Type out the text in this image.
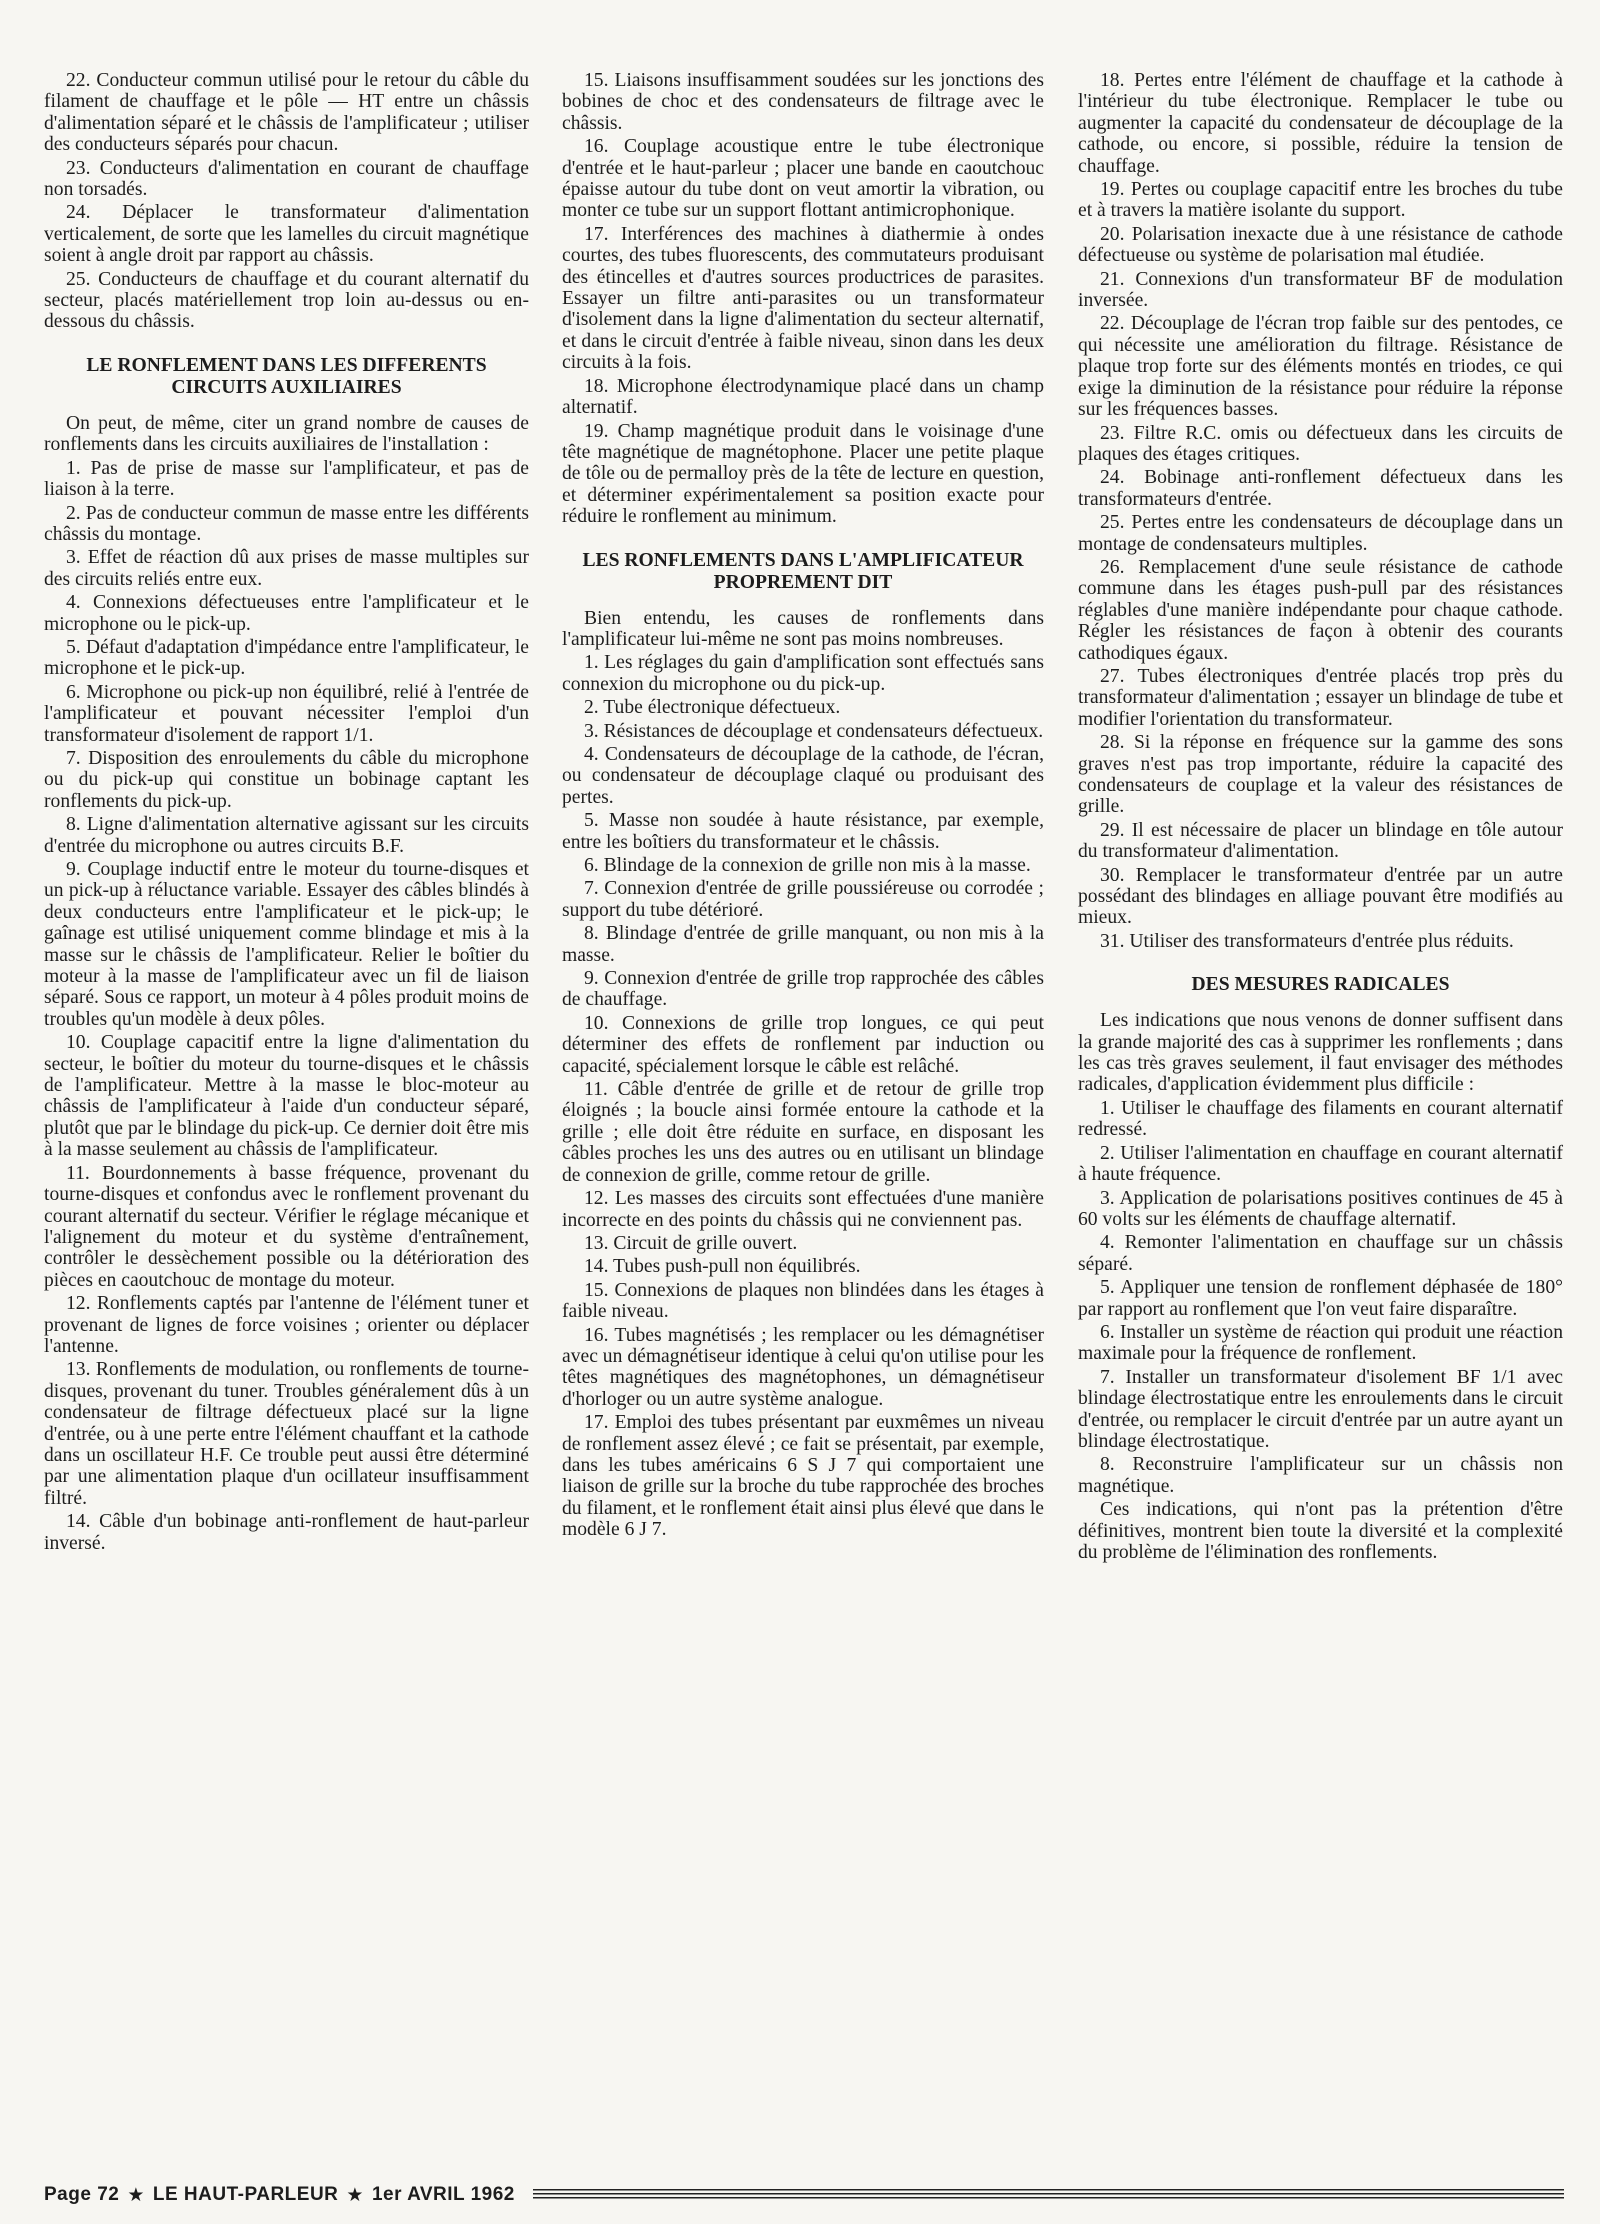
22. Conducteur commun utilisé pour le retour du câble du filament de chauffage et le pôle — HT entre un châssis d'alimentation séparé et le châssis de l'amplificateur ; utiliser des conducteurs séparés pour chacun.

23. Conducteurs d'alimentation en courant de chauffage non torsadés.

24. Déplacer le transformateur d'alimentation verticalement, de sorte que les lamelles du circuit magnétique soient à angle droit par rapport au châssis.

25. Conducteurs de chauffage et du courant alternatif du secteur, placés matériellement trop loin au-dessus ou en-dessous du châssis.

LE RONFLEMENT DANS LES DIFFERENTS CIRCUITS AUXILIAIRES

On peut, de même, citer un grand nombre de causes de ronflements dans les circuits auxiliaires de l'installation :

1. Pas de prise de masse sur l'amplificateur, et pas de liaison à la terre.

2. Pas de conducteur commun de masse entre les différents châssis du montage.

3. Effet de réaction dû aux prises de masse multiples sur des circuits reliés entre eux.

4. Connexions défectueuses entre l'amplificateur et le microphone ou le pick-up.

5. Défaut d'adaptation d'impédance entre l'amplificateur, le microphone et le pick-up.

6. Microphone ou pick-up non équilibré, relié à l'entrée de l'amplificateur et pouvant nécessiter l'emploi d'un transformateur d'isolement de rapport 1/1.

7. Disposition des enroulements du câble du microphone ou du pick-up qui constitue un bobinage captant les ronflements du pick-up.

8. Ligne d'alimentation alternative agissant sur les circuits d'entrée du microphone ou autres circuits B.F.

9. Couplage inductif entre le moteur du tourne-disques et un pick-up à réluctance variable. Essayer des câbles blindés à deux conducteurs entre l'amplificateur et le pick-up; le gaînage est utilisé uniquement comme blindage et mis à la masse sur le châssis de l'amplificateur. Relier le boîtier du moteur à la masse de l'amplificateur avec un fil de liaison séparé. Sous ce rapport, un moteur à 4 pôles produit moins de troubles qu'un modèle à deux pôles.

10. Couplage capacitif entre la ligne d'alimentation du secteur, le boîtier du moteur du tourne-disques et le châssis de l'amplificateur. Mettre à la masse le bloc-moteur au châssis de l'amplificateur à l'aide d'un conducteur séparé, plutôt que par le blindage du pick-up. Ce dernier doit être mis à la masse seulement au châssis de l'amplificateur.

11. Bourdonnements à basse fréquence, provenant du tourne-disques et confondus avec le ronflement provenant du courant alternatif du secteur. Vérifier le réglage mécanique et l'alignement du moteur et du système d'entraînement, contrôler le dessèchement possible ou la détérioration des pièces en caoutchouc de montage du moteur.

12. Ronflements captés par l'antenne de l'élément tuner et provenant de lignes de force voisines ; orienter ou déplacer l'antenne.

13. Ronflements de modulation, ou ronflements de tourne-disques, provenant du tuner. Troubles généralement dûs à un condensateur de filtrage défectueux placé sur la ligne d'entrée, ou à une perte entre l'élément chauffant et la cathode dans un oscillateur H.F. Ce trouble peut aussi être déterminé par une alimentation plaque d'un ocillateur insuffisamment filtré.

14. Câble d'un bobinage anti-ronflement de haut-parleur inversé.

15. Liaisons insuffisamment soudées sur les jonctions des bobines de choc et des condensateurs de filtrage avec le châssis.

16. Couplage acoustique entre le tube électronique d'entrée et le haut-parleur ; placer une bande en caoutchouc épaisse autour du tube dont on veut amortir la vibration, ou monter ce tube sur un support flottant antimicrophonique.

17. Interférences des machines à diathermie à ondes courtes, des tubes fluorescents, des commutateurs produisant des étincelles et d'autres sources productrices de parasites. Essayer un filtre anti-parasites ou un transformateur d'isolement dans la ligne d'alimentation du secteur alternatif, et dans le circuit d'entrée à faible niveau, sinon dans les deux circuits à la fois.

18. Microphone électrodynamique placé dans un champ alternatif.

19. Champ magnétique produit dans le voisinage d'une tête magnétique de magnétophone. Placer une petite plaque de tôle ou de permalloy près de la tête de lecture en question, et déterminer expérimentalement sa position exacte pour réduire le ronflement au minimum.

LES RONFLEMENTS DANS L'AMPLIFICATEUR PROPREMENT DIT

Bien entendu, les causes de ronflements dans l'amplificateur lui-même ne sont pas moins nombreuses.

1. Les réglages du gain d'amplification sont effectués sans connexion du microphone ou du pick-up.

2. Tube électronique défectueux.

3. Résistances de découplage et condensateurs défectueux.

4. Condensateurs de découplage de la cathode, de l'écran, ou condensateur de découplage claqué ou produisant des pertes.

5. Masse non soudée à haute résistance, par exemple, entre les boîtiers du transformateur et le châssis.

6. Blindage de la connexion de grille non mis à la masse.

7. Connexion d'entrée de grille poussiéreuse ou corrodée ; support du tube détérioré.

8. Blindage d'entrée de grille manquant, ou non mis à la masse.

9. Connexion d'entrée de grille trop rapprochée des câbles de chauffage.

10. Connexions de grille trop longues, ce qui peut déterminer des effets de ronflement par induction ou capacité, spécialement lorsque le câble est relâché.

11. Câble d'entrée de grille et de retour de grille trop éloignés ; la boucle ainsi formée entoure la cathode et la grille ; elle doit être réduite en surface, en disposant les câbles proches les uns des autres ou en utilisant un blindage de connexion de grille, comme retour de grille.

12. Les masses des circuits sont effectuées d'une manière incorrecte en des points du châssis qui ne conviennent pas.

13. Circuit de grille ouvert.

14. Tubes push-pull non équilibrés.

15. Connexions de plaques non blindées dans les étages à faible niveau.

16. Tubes magnétisés ; les remplacer ou les démagnétiser avec un démagnétiseur identique à celui qu'on utilise pour les têtes magnétiques des magnétophones, un démagnétiseur d'horloger ou un autre système analogue.

17. Emploi des tubes présentant par euxmêmes un niveau de ronflement assez élevé ; ce fait se présentait, par exemple, dans les tubes américains 6 S J 7 qui comportaient une liaison de grille sur la broche du tube rapprochée des broches du filament, et le ronflement était ainsi plus élevé que dans le modèle 6 J 7.

18. Pertes entre l'élément de chauffage et la cathode à l'intérieur du tube électronique. Remplacer le tube ou augmenter la capacité du condensateur de découplage de la cathode, ou encore, si possible, réduire la tension de chauffage.

19. Pertes ou couplage capacitif entre les broches du tube et à travers la matière isolante du support.

20. Polarisation inexacte due à une résistance de cathode défectueuse ou système de polarisation mal étudiée.

21. Connexions d'un transformateur BF de modulation inversée.

22. Découplage de l'écran trop faible sur des pentodes, ce qui nécessite une amélioration du filtrage. Résistance de plaque trop forte sur des éléments montés en triodes, ce qui exige la diminution de la résistance pour réduire la réponse sur les fréquences basses.

23. Filtre R.C. omis ou défectueux dans les circuits de plaques des étages critiques.

24. Bobinage anti-ronflement défectueux dans les transformateurs d'entrée.

25. Pertes entre les condensateurs de découplage dans un montage de condensateurs multiples.

26. Remplacement d'une seule résistance de cathode commune dans les étages push-pull par des résistances réglables d'une manière indépendante pour chaque cathode. Régler les résistances de façon à obtenir des courants cathodiques égaux.

27. Tubes électroniques d'entrée placés trop près du transformateur d'alimentation ; essayer un blindage de tube et modifier l'orientation du transformateur.

28. Si la réponse en fréquence sur la gamme des sons graves n'est pas trop importante, réduire la capacité des condensateurs de couplage et la valeur des résistances de grille.

29. Il est nécessaire de placer un blindage en tôle autour du transformateur d'alimentation.

30. Remplacer le transformateur d'entrée par un autre possédant des blindages en alliage pouvant être modifiés au mieux.

31. Utiliser des transformateurs d'entrée plus réduits.

DES MESURES RADICALES

Les indications que nous venons de donner suffisent dans la grande majorité des cas à supprimer les ronflements ; dans les cas très graves seulement, il faut envisager des méthodes radicales, d'application évidemment plus difficile :

1. Utiliser le chauffage des filaments en courant alternatif redressé.

2. Utiliser l'alimentation en chauffage en courant alternatif à haute fréquence.

3. Application de polarisations positives continues de 45 à 60 volts sur les éléments de chauffage alternatif.

4. Remonter l'alimentation en chauffage sur un châssis séparé.

5. Appliquer une tension de ronflement déphasée de 180° par rapport au ronflement que l'on veut faire disparaître.

6. Installer un système de réaction qui produit une réaction maximale pour la fréquence de ronflement.

7. Installer un transformateur d'isolement BF 1/1 avec blindage électrostatique entre les enroulements dans le circuit d'entrée, ou remplacer le circuit d'entrée par un autre ayant un blindage électrostatique.

8. Reconstruire l'amplificateur sur un châssis non magnétique.

Ces indications, qui n'ont pas la prétention d'être définitives, montrent bien toute la diversité et la complexité du problème de l'élimination des ronflements.

Page 72 ★ LE HAUT-PARLEUR ★ 1er AVRIL 1962
